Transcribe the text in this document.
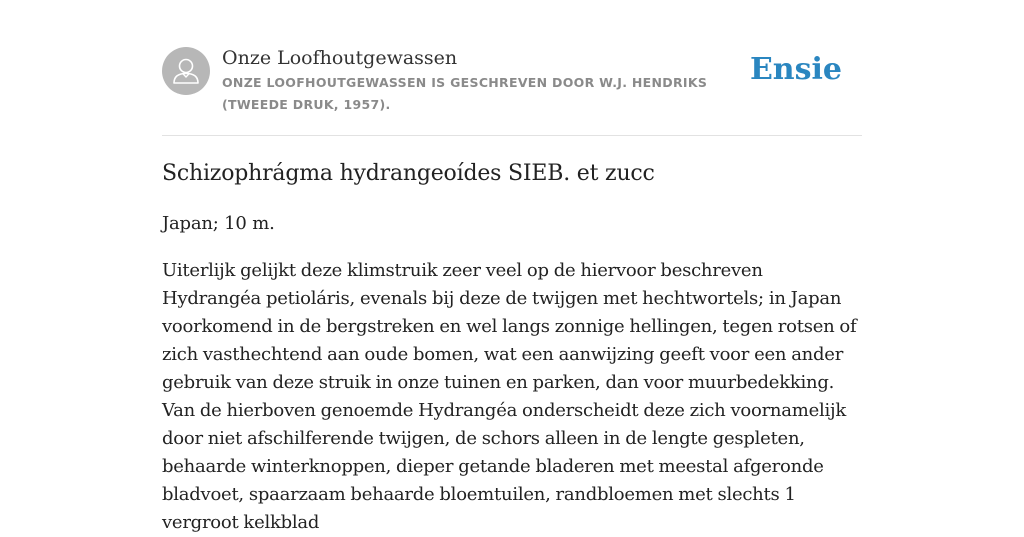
Onze Loofhoutgewassen
ONZE LOOFHOUTGEWASSEN IS GESCHREVEN DOOR W.J. HENDRIKS (TWEEDE DRUK, 1957).
Ensie
Schizophrágma hydrangeoídes SIEB. et zucc

Japan; 10 m.

Uiterlijk gelijkt deze klimstruik zeer veel op de hiervoor beschreven Hydrangéa petioláris, evenals bij deze de twijgen met hechtwortels; in Japan voorkomend in de bergstreken en wel langs zonnige hellingen, tegen rotsen of zich vasthechtend aan oude bomen, wat een aanwijzing geeft voor een ander gebruik van deze struik in onze tuinen en parken, dan voor muurbedekking. Van de hierboven genoemde Hydrangéa onderscheidt deze zich voornamelijk door niet afschilferende twijgen, de schors alleen in de lengte gespleten, behaarde winterknoppen, dieper getande bladeren met meestal afgeronde bladvoet, spaarzaam behaarde bloemtuilen, randbloemen met slechts 1 vergroot kelkblad
